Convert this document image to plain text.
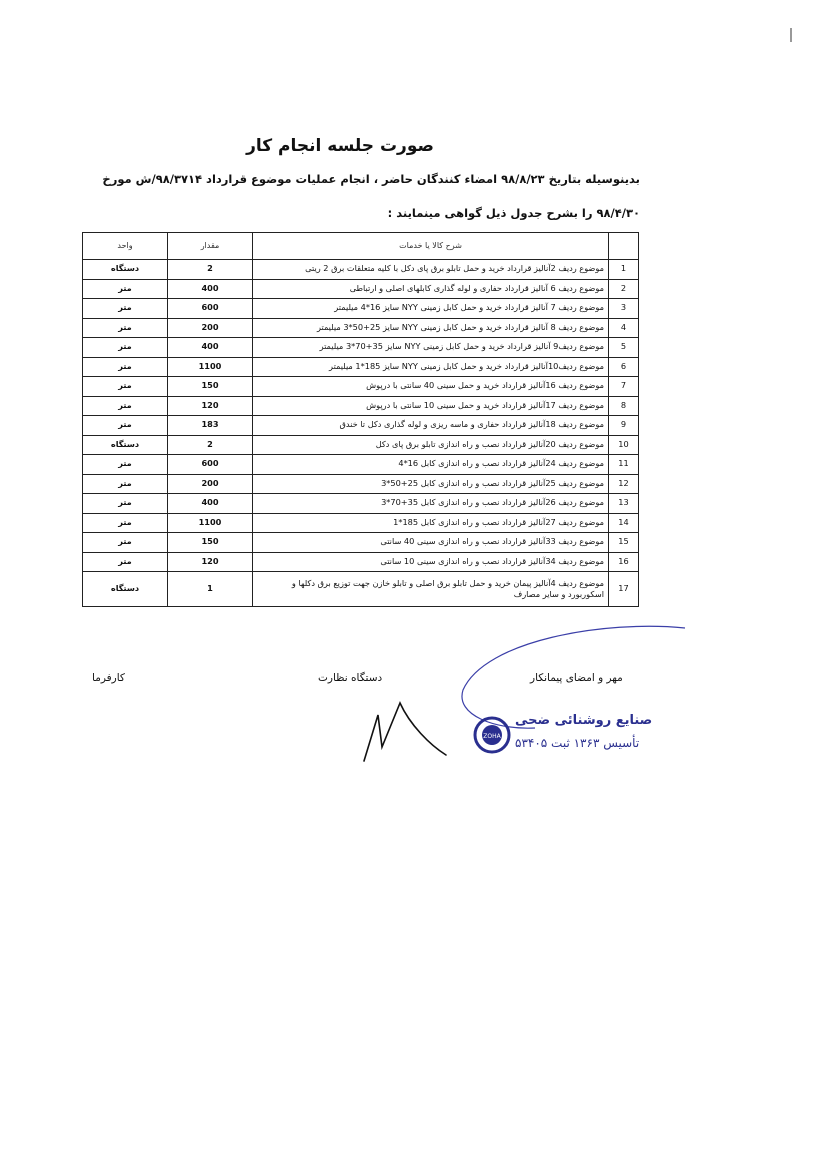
صورت جلسه انجام کار
بدینوسیله بتاریخ ۹۸/۸/۲۳ امضاء کنندگان حاضر ، انجام عملیات موضوع قرارداد ۹۸/۳۷۱۴/ش مورخ
۹۸/۴/۳۰ را بشرح جدول ذیل گواهی مینمایند :
	شرح کالا یا خدمات	مقدار	واحد
1	موضوع ردیف 2آنالیز قرارداد خرید و حمل تابلو برق پای دکل با کلیه متعلقات برق 2 ریتی	2	دستگاه
2	موضوع ردیف 6 آنالیز قرارداد حفاری و لوله گذاری کابلهای اصلی و ارتباطی	400	متر
3	موضوع ردیف 7 آنالیز قرارداد خرید و حمل کابل زمینی NYY سایز 16*4 میلیمتر	600	متر
4	موضوع ردیف 8 آنالیز قرارداد خرید و حمل کابل زمینی NYY سایز 25+50*3 میلیمتر	200	متر
5	موضوع ردیف9 آنالیز قرارداد خرید و حمل کابل زمینی NYY سایز 35+70*3 میلیمتر	400	متر
6	موضوع ردیف10آنالیز قرارداد خرید و حمل کابل زمینی NYY سایز 185*1 میلیمتر	1100	متر
7	موضوع ردیف 16آنالیز قرارداد خرید و حمل سینی 40 سانتی با درپوش	150	متر
8	موضوع ردیف 17آنالیز قرارداد خرید و حمل سینی 10 سانتی با درپوش	120	متر
9	موضوع ردیف 18آنالیز قرارداد حفاری و ماسه ریزی و لوله گذاری دکل تا خندق	183	متر
10	موضوع ردیف 20آنالیز قرارداد نصب و راه اندازی تابلو برق پای دکل	2	دستگاه
11	موضوع ردیف 24آنالیز قرارداد نصب و راه اندازی کابل 16*4	600	متر
12	موضوع ردیف 25آنالیز قرارداد نصب و راه اندازی کابل 25+50*3	200	متر
13	موضوع ردیف 26آنالیز قرارداد نصب و راه اندازی کابل 35+70*3	400	متر
14	موضوع ردیف 27آنالیز قرارداد نصب و راه اندازی کابل 185*1	1100	متر
15	موضوع ردیف 33آنالیز قرارداد نصب و راه اندازی سینی 40 سانتی	150	متر
16	موضوع ردیف 34آنالیز قرارداد نصب و راه اندازی سینی 10 سانتی	120	متر
17	موضوع ردیف 4آنالیز پیمان خرید و حمل تابلو برق اصلی و تابلو خازن جهت توزیع برق دکلها و اسکوربورد و سایر مصارف	1	دستگاه
مهر و امضای پیمانکار
دستگاه نظارت
کارفرما
ZOHA
صنایع روشنائی ضحی
تأسیس ۱۳۶۳ ثبت ۵۳۴۰۵
